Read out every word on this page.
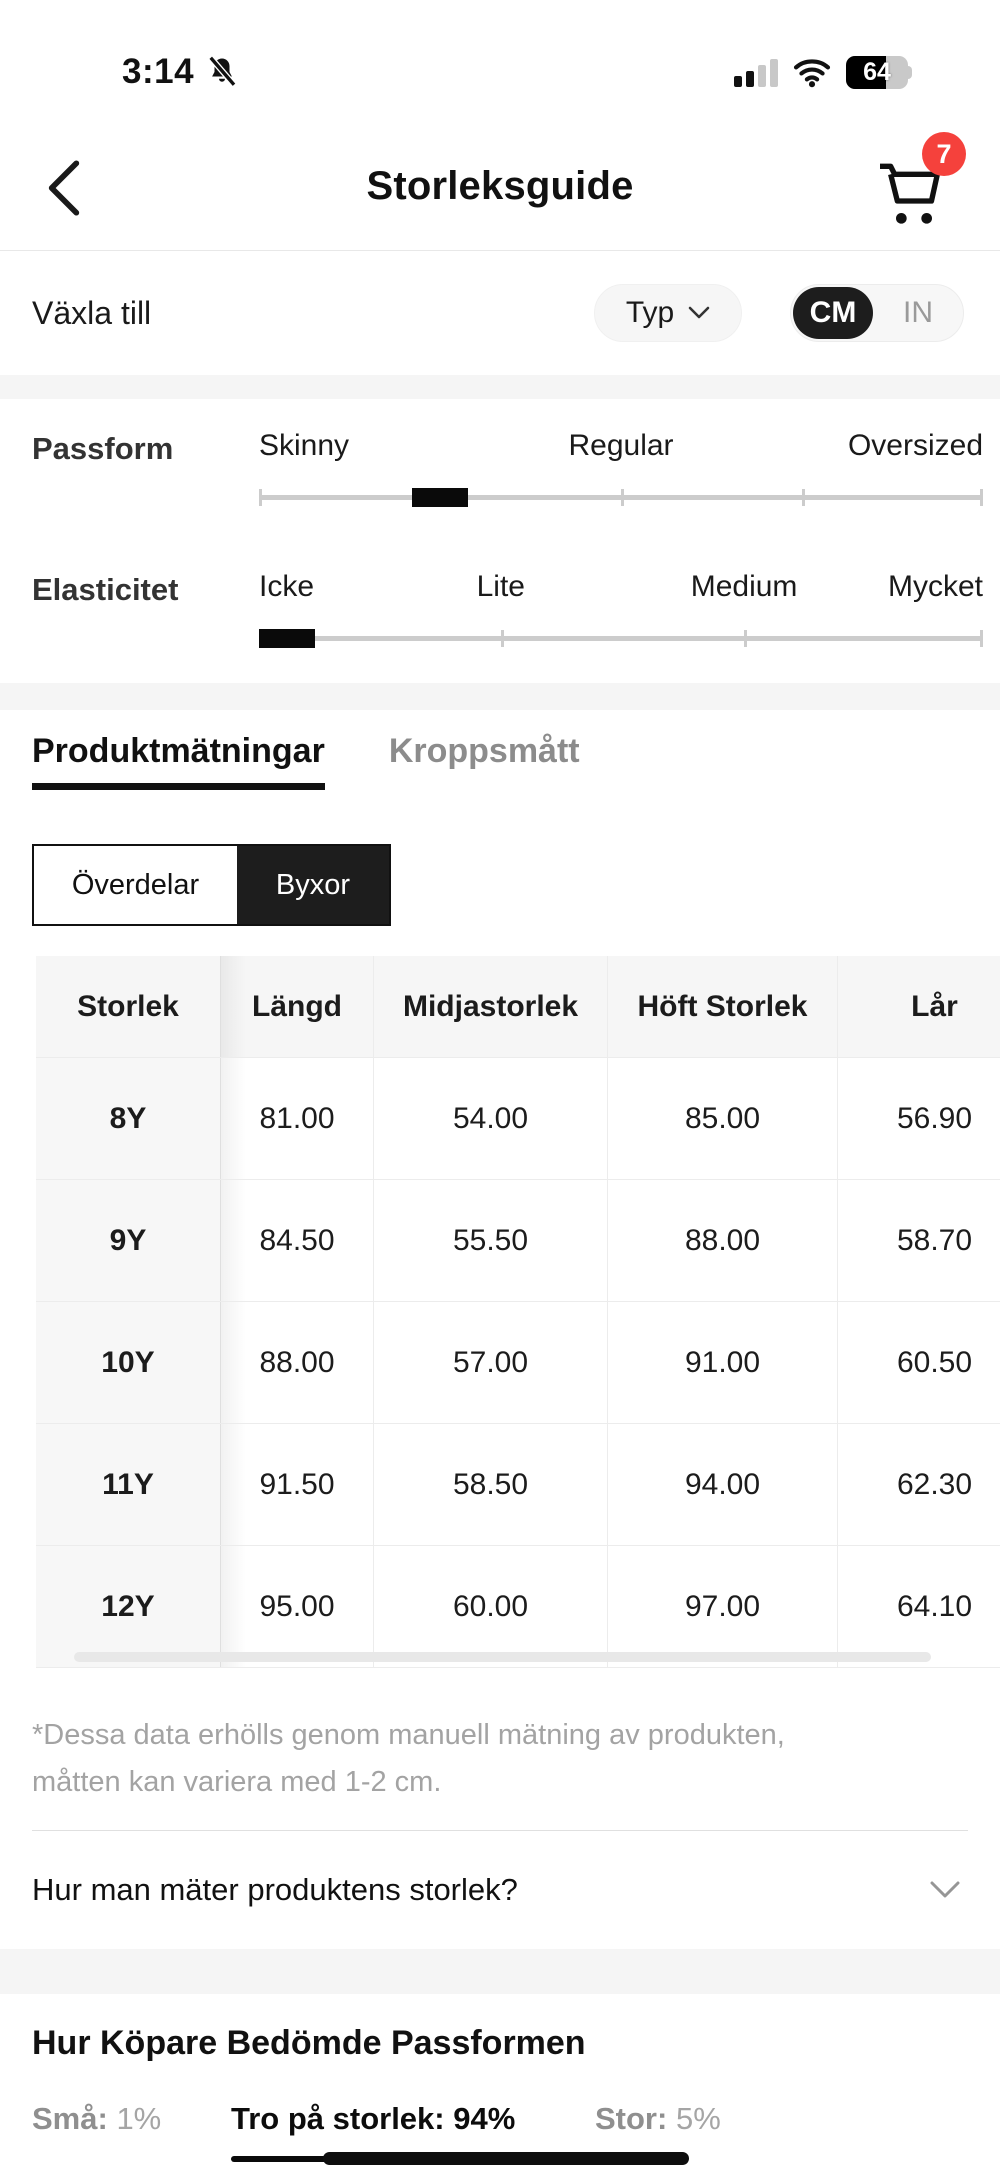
3:14	64
Storleksguide
7
Växla till	Typ	CM	IN
Passform	Skinny	Regular	Oversized
Elasticitet	Icke	Lite	Medium	Mycket
Produktmätningar Kroppsmått
Överdelar	Byxor
Storlek	Längd	Midjastorlek	Höft Storlek	Lår
8Y	81.00	54.00	85.00	56.90
9Y	84.50	55.50	88.00	58.70
10Y	88.00	57.00	91.00	60.50
11Y	91.50	58.50	94.00	62.30
12Y	95.00	60.00	97.00	64.10
*Dessa data erhölls genom manuell mätning av produkten,
måtten kan variera med 1-2 cm.
Hur man mäter produktens storlek?
Hur Köpare Bedömde Passformen
Små: 1% Tro på storlek: 94%	Stor: 5%
